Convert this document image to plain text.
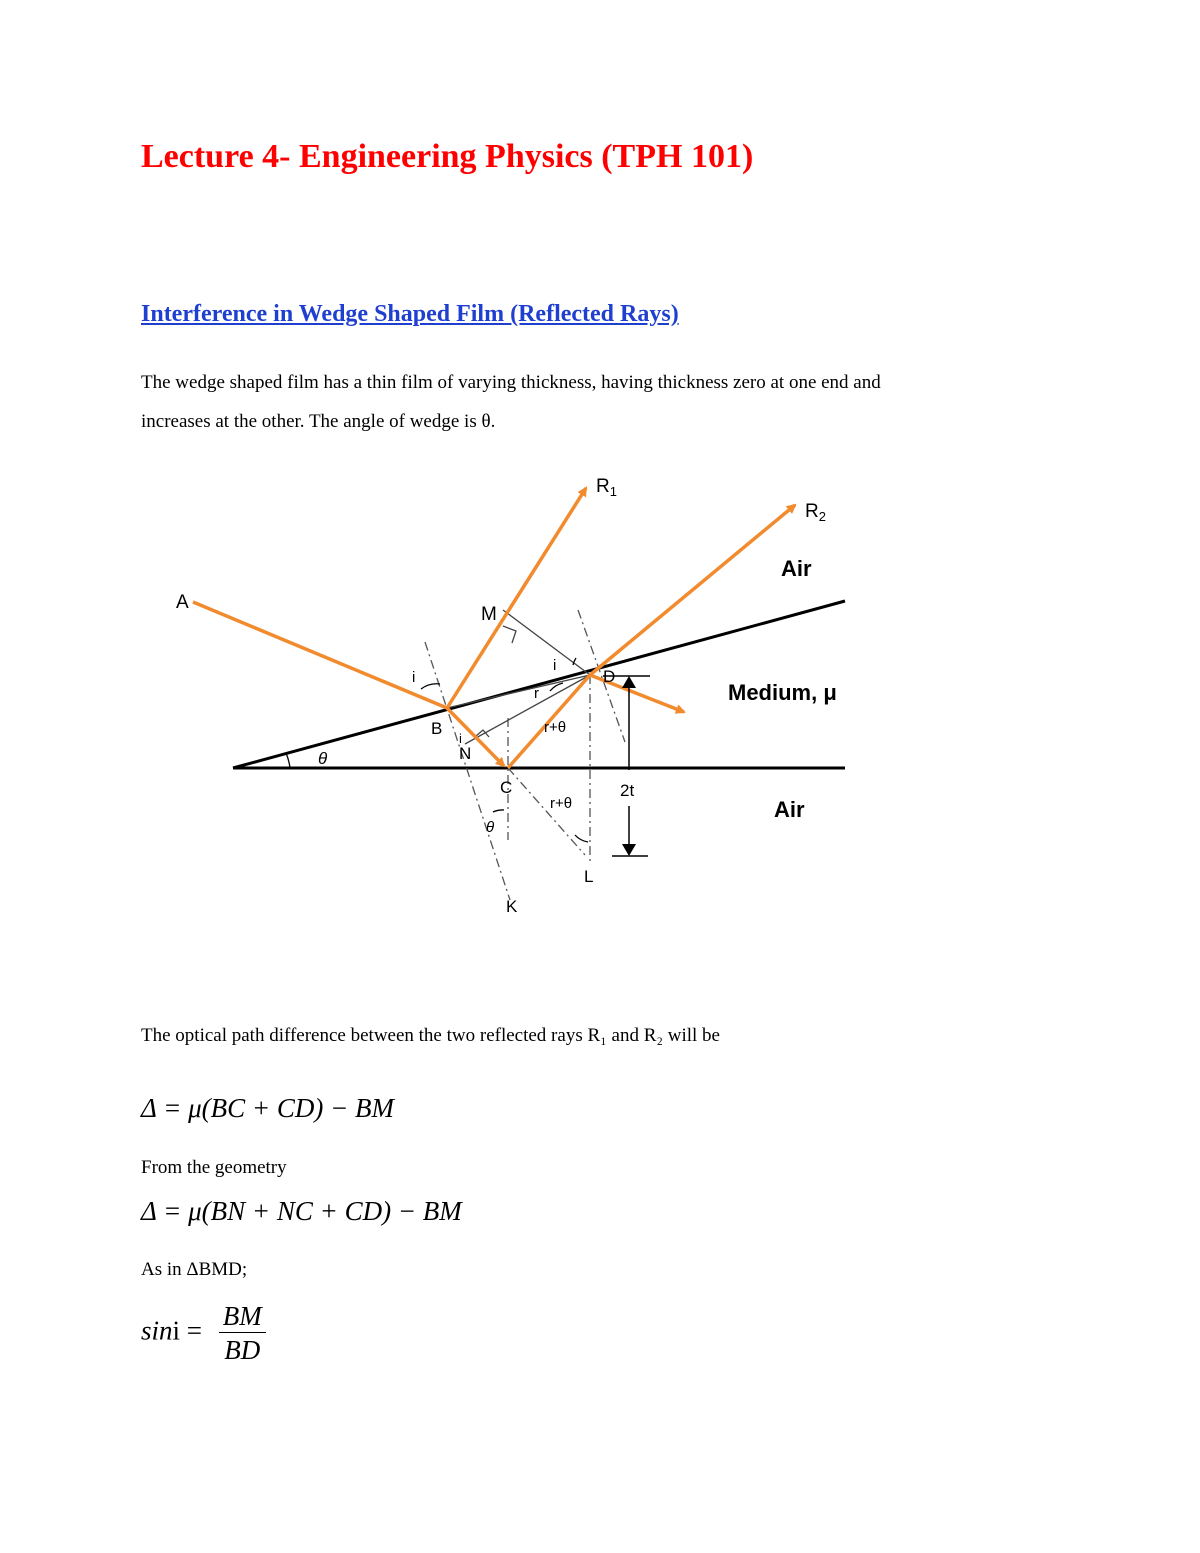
Lecture 4- Engineering Physics (TPH 101)
Interference in Wedge Shaped Film (Reflected Rays)

The wedge shaped film has a thin film of varying thickness, having thickness zero at one end and

increases at the other. The angle of wedge is θ.

A
$R_1$
$R_2$
Air
Medium, μ
Air
M
B
N
C
D
K
L
i
i
i
r
r+θ
r+θ
θ
θ
2t

The optical path difference between the two reflected rays R₁ and R₂ will be

Δ = μ(BC + CD) − BM

From the geometry

Δ = μ(BN + NC + CD) − BM

As in ΔBMD;

$\sin i = \frac{BM}{BD}$
